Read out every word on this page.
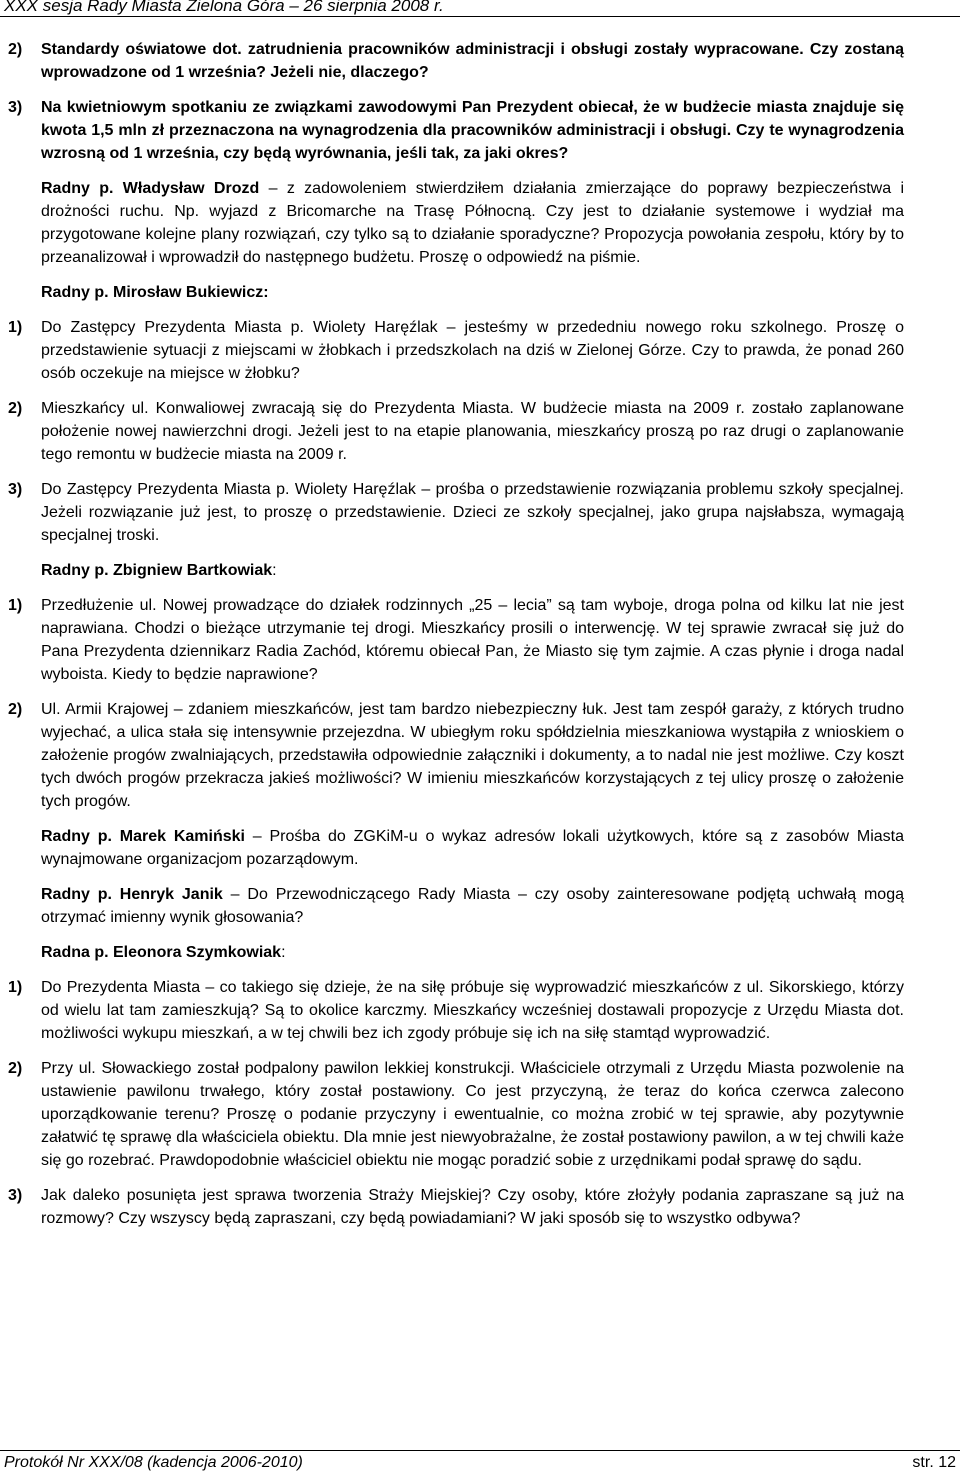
XXX sesja Rady Miasta Zielona Góra – 26 sierpnia 2008 r.

2) Standardy oświatowe dot. zatrudnienia pracowników administracji i obsługi zostały wypracowane. Czy zostaną wprowadzone od 1 września? Jeżeli nie, dlaczego?

3) Na kwietniowym spotkaniu ze związkami zawodowymi Pan Prezydent obiecał, że w budżecie miasta znajduje się kwota 1,5 mln zł przeznaczona na wynagrodzenia dla pracowników administracji i obsługi. Czy te wynagrodzenia wzrosną od 1 września, czy będą wyrównania, jeśli tak, za jaki okres?

Radny p. Władysław Drozd – z zadowoleniem stwierdziłem działania zmierzające do poprawy bezpieczeństwa i drożności ruchu. Np. wyjazd z Bricomarche na Trasę Północną. Czy jest to działanie systemowe i wydział ma przygotowane kolejne plany rozwiązań, czy tylko są to działanie sporadyczne? Propozycja powołania zespołu, który by to przeanalizował i wprowadził do następnego budżetu. Proszę o odpowiedź na piśmie.

Radny p. Mirosław Bukiewicz:

1) Do Zastępcy Prezydenta Miasta p. Wiolety Haręźlak – jesteśmy w przededniu nowego roku szkolnego. Proszę o przedstawienie sytuacji z miejscami w żłobkach i przedszkolach na dziś w Zielonej Górze. Czy to prawda, że ponad 260 osób oczekuje na miejsce w żłobku?

2) Mieszkańcy ul. Konwaliowej zwracają się do Prezydenta Miasta. W budżecie miasta na 2009 r. zostało zaplanowane położenie nowej nawierzchni drogi. Jeżeli jest to na etapie planowania, mieszkańcy proszą po raz drugi o zaplanowanie tego remontu w budżecie miasta na 2009 r.

3) Do Zastępcy Prezydenta Miasta p. Wiolety Haręźlak – prośba o przedstawienie rozwiązania problemu szkoły specjalnej. Jeżeli rozwiązanie już jest, to proszę o przedstawienie. Dzieci ze szkoły specjalnej, jako grupa najsłabsza, wymagają specjalnej troski.

Radny p. Zbigniew Bartkowiak:

1) Przedłużenie ul. Nowej prowadzące do działek rodzinnych „25 – lecia” są tam wyboje, droga polna od kilku lat nie jest naprawiana. Chodzi o bieżące utrzymanie tej drogi. Mieszkańcy prosili o interwencję. W tej sprawie zwracał się już do Pana Prezydenta dziennikarz Radia Zachód, któremu obiecał Pan, że Miasto się tym zajmie. A czas płynie i droga nadal wyboista. Kiedy to będzie naprawione?

2) Ul. Armii Krajowej – zdaniem mieszkańców, jest tam bardzo niebezpieczny łuk. Jest tam zespół garaży, z których trudno wyjechać, a ulica stała się intensywnie przejezdna. W ubiegłym roku spółdzielnia mieszkaniowa wystąpiła z wnioskiem o założenie progów zwalniających, przedstawiła odpowiednie załączniki i dokumenty, a to nadal nie jest możliwe. Czy koszt tych dwóch progów przekracza jakieś możliwości? W imieniu mieszkańców korzystających z tej ulicy proszę o założenie tych progów.

Radny p. Marek Kamiński – Prośba do ZGKiM-u o wykaz adresów lokali użytkowych, które są z zasobów Miasta wynajmowane organizacjom pozarządowym.

Radny p. Henryk Janik – Do Przewodniczącego Rady Miasta – czy osoby zainteresowane podjętą uchwałą mogą otrzymać imienny wynik głosowania?

Radna p. Eleonora Szymkowiak:

1) Do Prezydenta Miasta – co takiego się dzieje, że na siłę próbuje się wyprowadzić mieszkańców z ul. Sikorskiego, którzy od wielu lat tam zamieszkują? Są to okolice karczmy. Mieszkańcy wcześniej dostawali propozycje z Urzędu Miasta dot. możliwości wykupu mieszkań, a w tej chwili bez ich zgody próbuje się ich na siłę stamtąd wyprowadzić.

2) Przy ul. Słowackiego został podpalony pawilon lekkiej konstrukcji. Właściciele otrzymali z Urzędu Miasta pozwolenie na ustawienie pawilonu trwałego, który został postawiony. Co jest przyczyną, że teraz do końca czerwca zalecono uporządkowanie terenu? Proszę o podanie przyczyny i ewentualnie, co można zrobić w tej sprawie, aby pozytywnie załatwić tę sprawę dla właściciela obiektu. Dla mnie jest niewyobrażalne, że został postawiony pawilon, a w tej chwili każe się go rozebrać. Prawdopodobnie właściciel obiektu nie mogąc poradzić sobie z urzędnikami podał sprawę do sądu.

3) Jak daleko posunięta jest sprawa tworzenia Straży Miejskiej? Czy osoby, które złożyły podania zapraszane są już na rozmowy? Czy wszyscy będą zapraszani, czy będą powiadamiani? W jaki sposób się to wszystko odbywa?

Protokół Nr XXX/08 (kadencja 2006-2010)	str. 12
